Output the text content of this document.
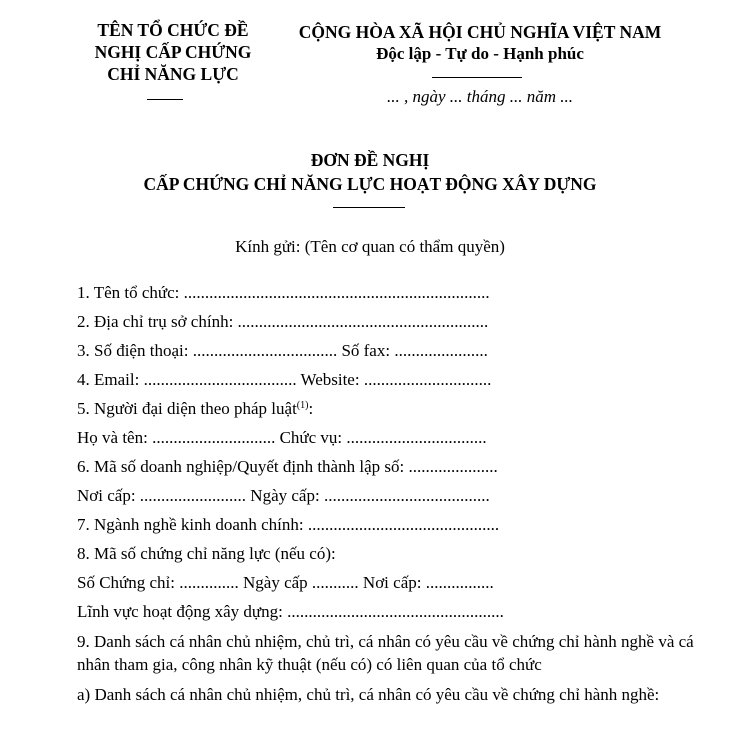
TÊN TỔ CHỨC ĐỀ
NGHỊ CẤP CHỨNG
CHỈ NĂNG LỰC
CỘNG HÒA XÃ HỘI CHỦ NGHĨA VIỆT NAM
Độc lập - Tự do - Hạnh phúc
... , ngày ... tháng ... năm ...
ĐƠN ĐỀ NGHỊ
CẤP CHỨNG CHỈ NĂNG LỰC HOẠT ĐỘNG XÂY DỰNG
Kính gửi: (Tên cơ quan có thẩm quyền)
1. Tên tổ chức: ........................................................................
2. Địa chỉ trụ sở chính: ...........................................................
3. Số điện thoại: .................................. Số fax: ......................
4. Email: .................................... Website: ..............................
5. Người đại diện theo pháp luật$^{(1)}$:
Họ và tên: ............................. Chức vụ: .................................
6. Mã số doanh nghiệp/Quyết định thành lập số: .....................
Nơi cấp: ......................... Ngày cấp: .......................................
7. Ngành nghề kinh doanh chính: .............................................
8. Mã số chứng chỉ năng lực (nếu có):
Số Chứng chỉ: .............. Ngày cấp ........... Nơi cấp: ................
Lĩnh vực hoạt động xây dựng: ...................................................
9. Danh sách cá nhân chủ nhiệm, chủ trì, cá nhân có yêu cầu về chứng chỉ hành nghề và cá nhân tham gia, công nhân kỹ thuật (nếu có) có liên quan của tổ chức
a) Danh sách cá nhân chủ nhiệm, chủ trì, cá nhân có yêu cầu về chứng chỉ hành nghề:
